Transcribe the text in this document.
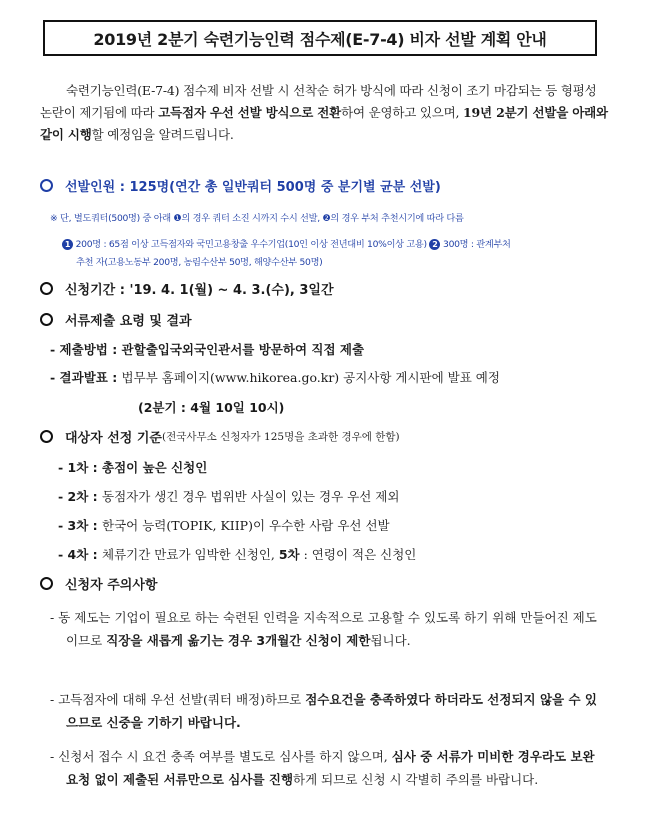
2019년 2분기 숙련기능인력 점수제(E-7-4) 비자 선발 계획 안내
숙련기능인력(E-7-4) 점수제 비자 선발 시 선착순 허가 방식에 따라 신청이 조기 마감되는 등 형평성 논란이 제기됨에 따라 고득점자 우선 선발 방식으로 전환하여 운영하고 있으며, 19년 2분기 선발을 아래와 같이 시행할 예정임을 알려드립니다.
선발인원 : 125명(연간 총 일반쿼터 500명 중 분기별 균분 선발)
※ 단, 별도쿼터(500명) 중 아래 ❶의 경우 쿼터 소진 시까지 수시 선발, ❷의 경우 부처 추천시기에 따라 다름
1 200명 : 65점 이상 고득점자와 국민고용창출 우수기업(10인 이상 전년대비 10%이상 고용) 2 300명 : 관계부처
추천 자(고용노동부 200명, 농림수산부 50명, 해양수산부 50명)
신청기간 : '19. 4. 1(월) ~ 4. 3.(수), 3일간
서류제출 요령 및 결과
- 제출방법 : 관할출입국외국인관서를 방문하여 직접 제출
- 결과발표 : 법무부 홈페이지(www.hikorea.go.kr) 공지사항 게시판에 발표 예정
(2분기 : 4월 10일 10시)
대상자 선정 기준 (전국사무소 신청자가 125명을 초과한 경우에 한함)
- 1차 : 총점이 높은 신청인
- 2차 : 동점자가 생긴 경우 법위반 사실이 있는 경우 우선 제외
- 3차 : 한국어 능력(TOPIK, KIIP)이 우수한 사람 우선 선발
- 4차 : 체류기간 만료가 임박한 신청인, 5차 : 연령이 적은 신청인
신청자 주의사항
- 동 제도는 기업이 필요로 하는 숙련된 인력을 지속적으로 고용할 수 있도록 하기 위해 만들어진 제도이므로 직장을 새롭게 옮기는 경우 3개월간 신청이 제한됩니다.
- 고득점자에 대해 우선 선발(쿼터 배정)하므로 점수요건을 충족하였다 하더라도 선정되지 않을 수 있으므로 신중을 기하기 바랍니다.
- 신청서 접수 시 요건 충족 여부를 별도로 심사를 하지 않으며, 심사 중 서류가 미비한 경우라도 보완요청 없이 제출된 서류만으로 심사를 진행하게 되므로 신청 시 각별히 주의를 바랍니다.
